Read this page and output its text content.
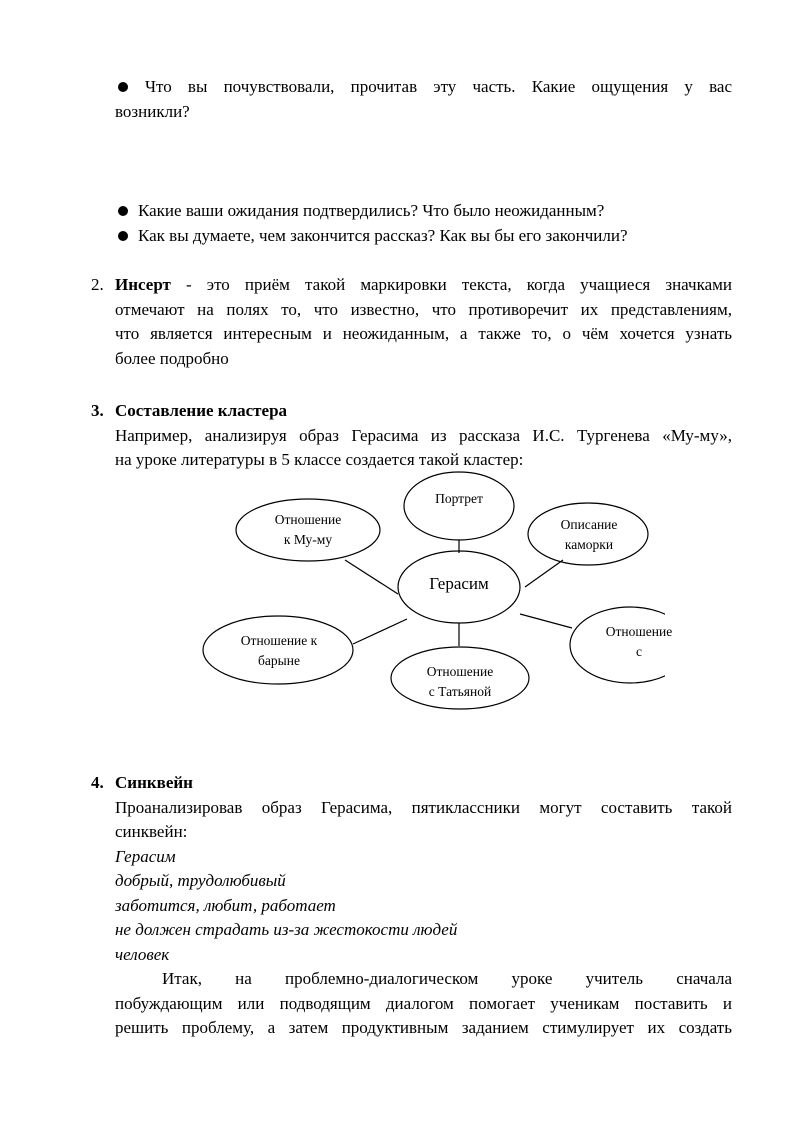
Что вы почувствовали, прочитав эту часть. Какие ощущения у вас
возникли?
Какие ваши ожидания подтвердились? Что было неожиданным?
Как вы думаете, чем закончится рассказ? Как вы бы его закончили?
2. Инсерт - это приём такой маркировки текста, когда учащиеся значками
отмечают на полях то, что известно, что противоречит их представлениям,
что является интересным и неожиданным, а также то, о чём хочется узнать
более подробно
3. Составление кластера
Например, анализируя образ Герасима из рассказа И.С. Тургенева «Му-му»,
на уроке литературы в 5 классе создается такой кластер:
Портрет
Отношение
к Му-му
Описание
каморки
Герасим
Отношение к
барыне
Отношение
с Татьяной
Отношение
с
4. Синквейн
Проанализировав образ Герасима, пятиклассники могут составить такой
синквейн:
Герасим
добрый, трудолюбивый
заботится, любит, работает
не должен страдать из-за жестокости людей
человек
Итак,   на   проблемно-диалогическом   уроке   учитель   сначала
побуждающим или подводящим диалогом помогает ученикам поставить и
решить проблему, а затем продуктивным заданием стимулирует их создать
